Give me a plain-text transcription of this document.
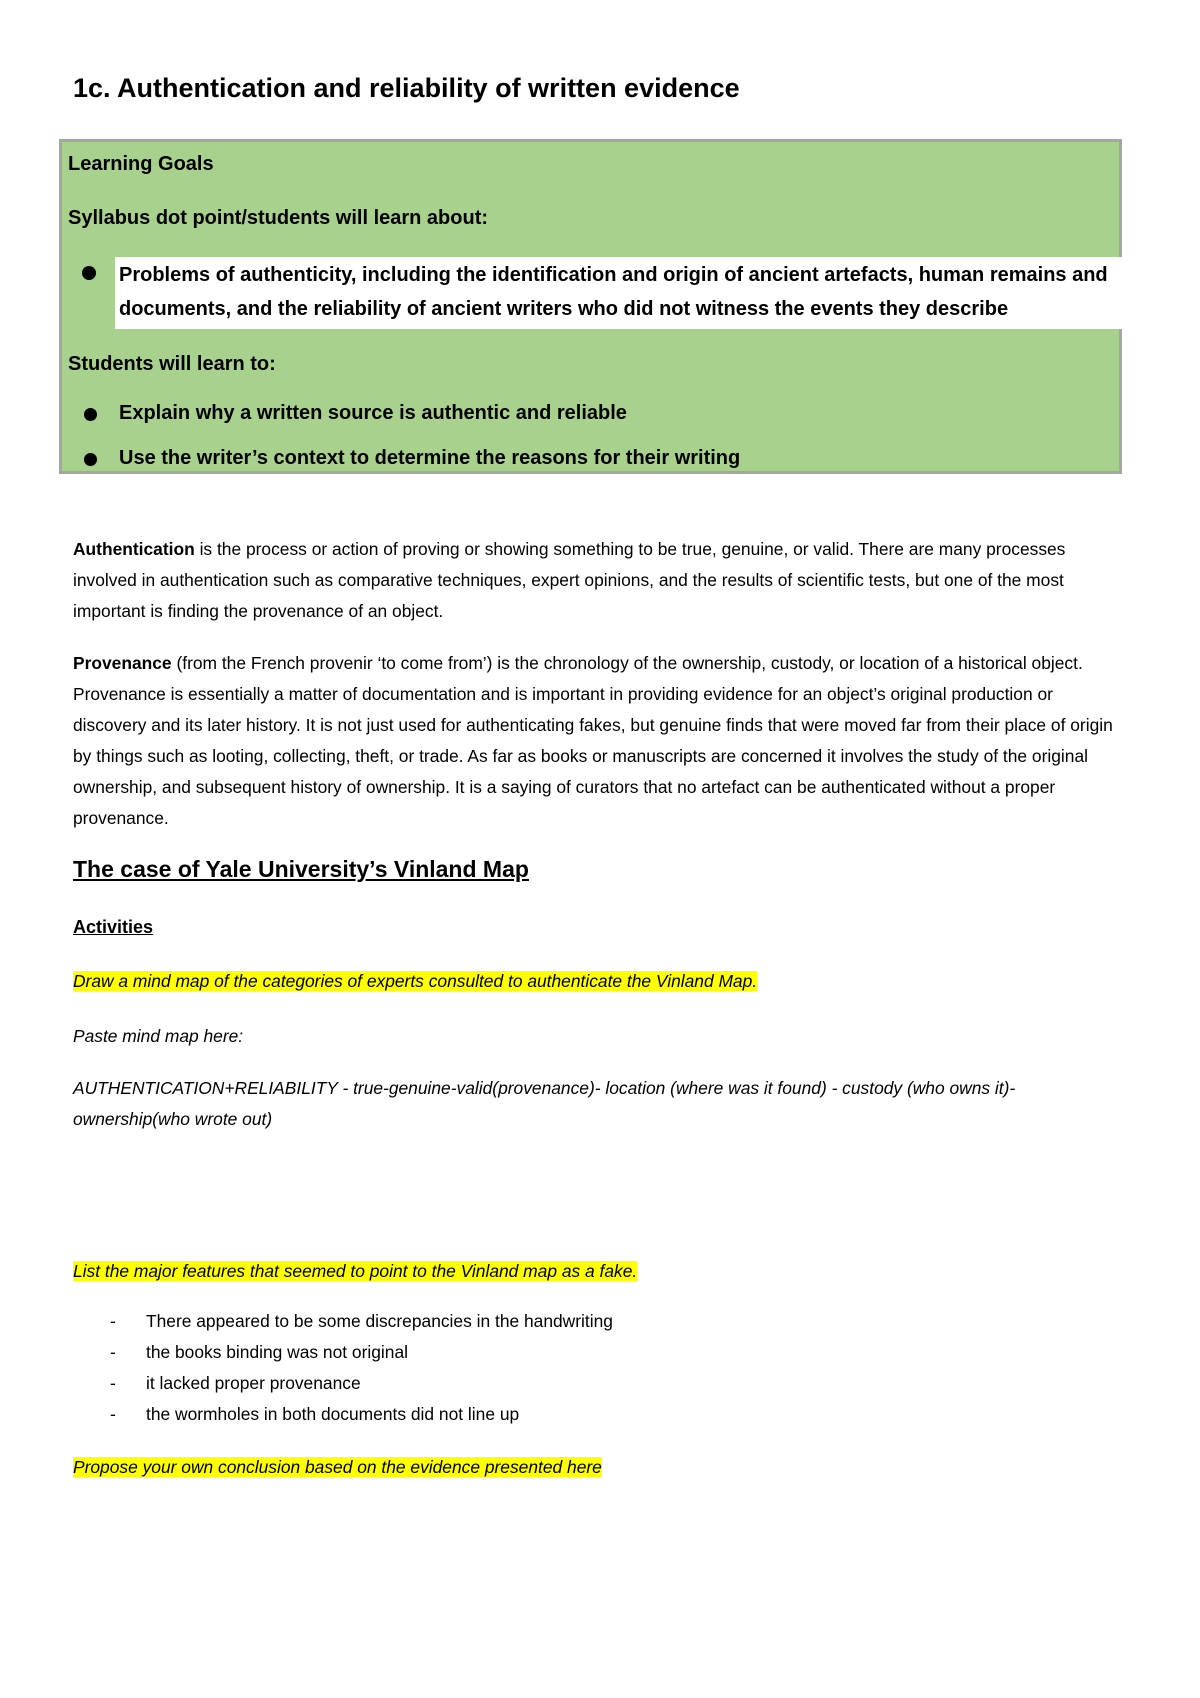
1c. Authentication and reliability of written evidence
Learning Goals
Syllabus dot point/students will learn about:
Problems of authenticity, including the identification and origin of ancient artefacts, human remains and documents, and the reliability of ancient writers who did not witness the events they describe
Students will learn to:
Explain why a written source is authentic and reliable
Use the writer’s context to determine the reasons for their writing

Authentication is the process or action of proving or showing something to be true, genuine, or valid. There are many processes involved in authentication such as comparative techniques, expert opinions, and the results of scientific tests, but one of the most important is finding the provenance of an object.

Provenance (from the French provenir ‘to come from’) is the chronology of the ownership, custody, or location of a historical object. Provenance is essentially a matter of documentation and is important in providing evidence for an object’s original production or discovery and its later history. It is not just used for authenticating fakes, but genuine finds that were moved far from their place of origin by things such as looting, collecting, theft, or trade. As far as books or manuscripts are concerned it involves the study of the original ownership, and subsequent history of ownership. It is a saying of curators that no artefact can be authenticated without a proper provenance.

The case of Yale University’s Vinland Map
Activities
Draw a mind map of the categories of experts consulted to authenticate the Vinland Map.
Paste mind map here:
AUTHENTICATION+RELIABILITY - true-genuine-valid(provenance)- location (where was it found) - custody (who owns it)- ownership(who wrote out)
List the major features that seemed to point to the Vinland map as a fake.
- There appeared to be some discrepancies in the handwriting
- the books binding was not original
- it lacked proper provenance
- the wormholes in both documents did not line up
Propose your own conclusion based on the evidence presented here
